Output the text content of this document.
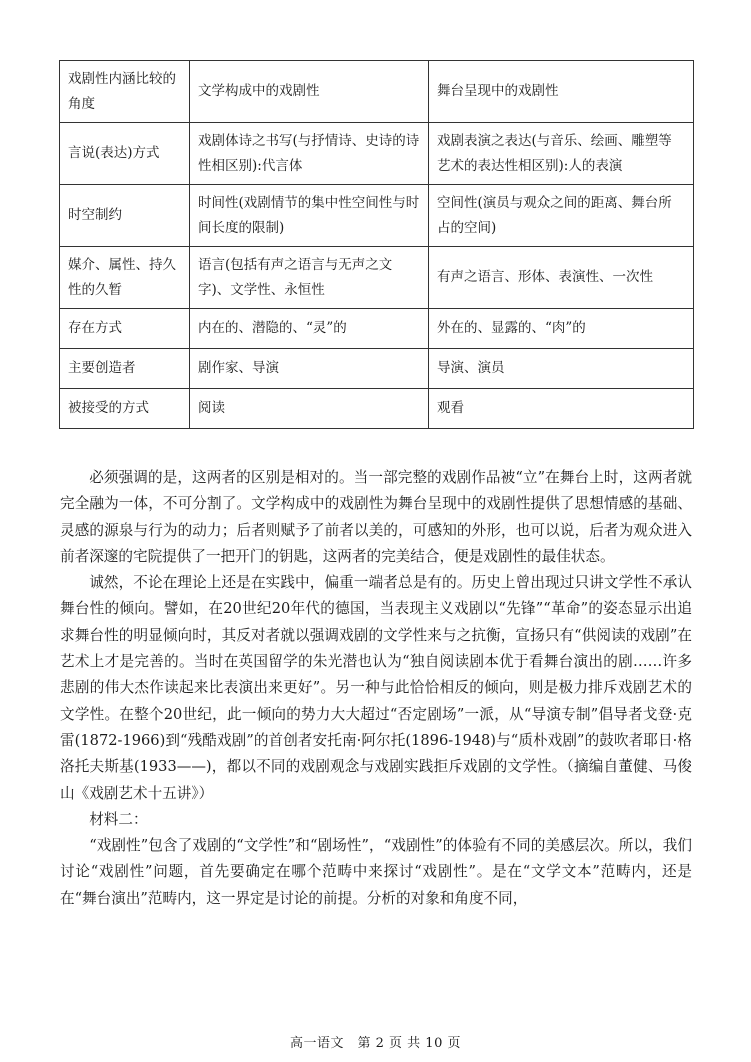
戏剧性内涵比较的角度	文学构成中的戏剧性	舞台呈现中的戏剧性
言说(表达)方式	戏剧体诗之书写(与抒情诗、史诗的诗性相区别):代言体	戏剧表演之表达(与音乐、绘画、雕塑等艺术的表达性相区别):人的表演
时空制约	时间性(戏剧情节的集中性空间性与时间长度的限制)	空间性(演员与观众之间的距离、舞台所占的空间)
媒介、属性、持久性的久暂	语言(包括有声之语言与无声之文字)、文学性、永恒性	有声之语言、形体、表演性、一次性
存在方式	内在的、潜隐的、“灵”的	外在的、显露的、“肉”的
主要创造者	剧作家、导演	导演、演员
被接受的方式	阅读	观看

必须强调的是，这两者的区别是相对的。当一部完整的戏剧作品被“立”在舞台上时，这两者就完全融为一体，不可分割了。文学构成中的戏剧性为舞台呈现中的戏剧性提供了思想情感的基础、灵感的源泉与行为的动力；后者则赋予了前者以美的，可感知的外形，也可以说，后者为观众进入前者深邃的宅院提供了一把开门的钥匙，这两者的完美结合，便是戏剧性的最佳状态。

诚然，不论在理论上还是在实践中，偏重一端者总是有的。历史上曾出现过只讲文学性不承认舞台性的倾向。譬如，在20世纪20年代的德国，当表现主义戏剧以“先锋”“革命”的姿态显示出追求舞台性的明显倾向时，其反对者就以强调戏剧的文学性来与之抗衡，宣扬只有“供阅读的戏剧”在艺术上才是完善的。当时在英国留学的朱光潜也认为“独自阅读剧本优于看舞台演出的剧……许多悲剧的伟大杰作读起来比表演出来更好”。另一种与此恰恰相反的倾向，则是极力排斥戏剧艺术的文学性。在整个20世纪，此一倾向的势力大大超过“否定剧场”一派，从“导演专制”倡导者戈登·克雷(1872-1966)到“残酷戏剧”的首创者安托南·阿尔托(1896-1948)与“质朴戏剧”的鼓吹者耶日·格洛托夫斯基(1933——)，都以不同的戏剧观念与戏剧实践拒斥戏剧的文学性。（摘编自董健、马俊山《戏剧艺术十五讲》）

材料二：

“戏剧性”包含了戏剧的“文学性”和“剧场性”，“戏剧性”的体验有不同的美感层次。所以，我们讨论“戏剧性”问题，首先要确定在哪个范畴中来探讨“戏剧性”。是在“文学文本”范畴内，还是在“舞台演出”范畴内，这一界定是讨论的前提。分析的对象和角度不同，

高一语文　第 2 页 共 10 页
